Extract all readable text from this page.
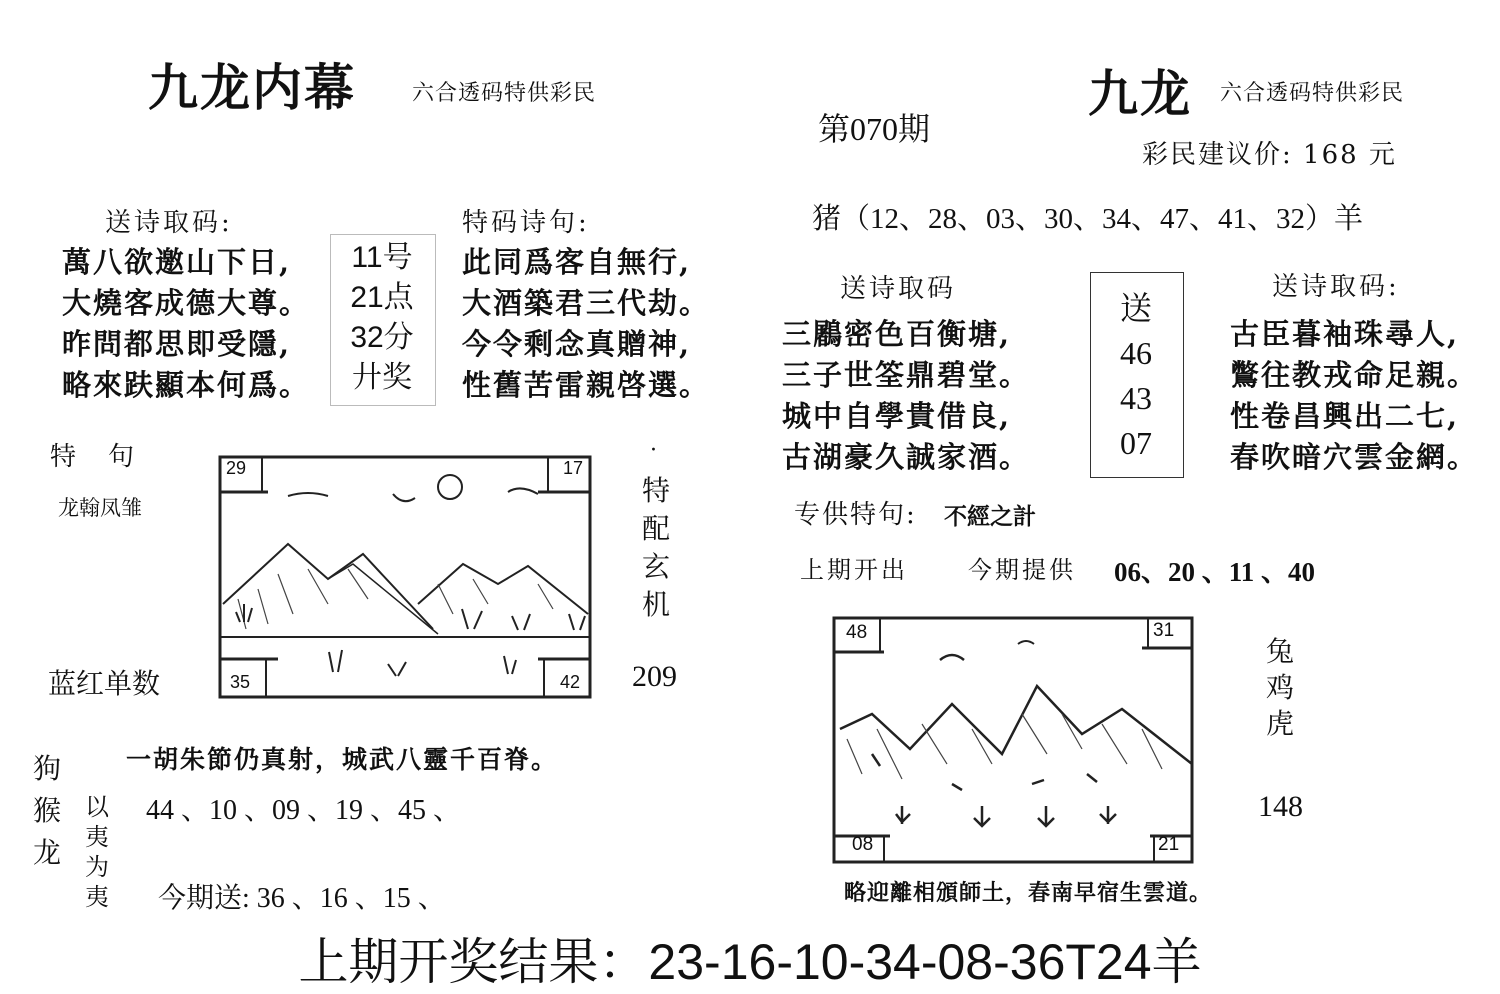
九龙内幕	六合透码特供彩民
送诗取码:
萬八欲邀山下日,
大燒客成德大尊。
昨問都思即受隱,
略來趺顯本何爲。
11号
21点
32分
廾奖
特码诗句:
此同爲客自無行,
大酒築君三代劫。
今令剩念真贈神,
性舊苦雷親啓選。
特　句
龙翰凤雏
29	17
35	42
·
特
配
玄
机
蓝红单数	209
一胡朱節仍真射，城武八靈千百脊。
狗
猴
龙
以
夷
为
夷
44 、10 、09 、19 、45 、
今期送: 36 、16 、15 、
第070期
九龙 六合透码特供彩民
彩民建议价: 168 元
猪（12、28、03、30、34、47、41、32）羊
送诗取码
三鷵密色百衡塘,
三子世筌鼎碧堂。
城中自學貴借良,
古湖豪久誠家酒。
送
46
43
07
送诗取码:
古臣暮袖珠尋人,
鷩往教戎命足親。
性卷昌興出二七,
春吹暗穴雲金網。
专供特句: 不經之計
上期开出	今期提供 06、20 、11 、40
48	31
08	21
兔
鸡
虎
148
略迎離相頒師土，春南早宿生雲道。
上期开奖结果：23-16-10-34-08-36T24羊
